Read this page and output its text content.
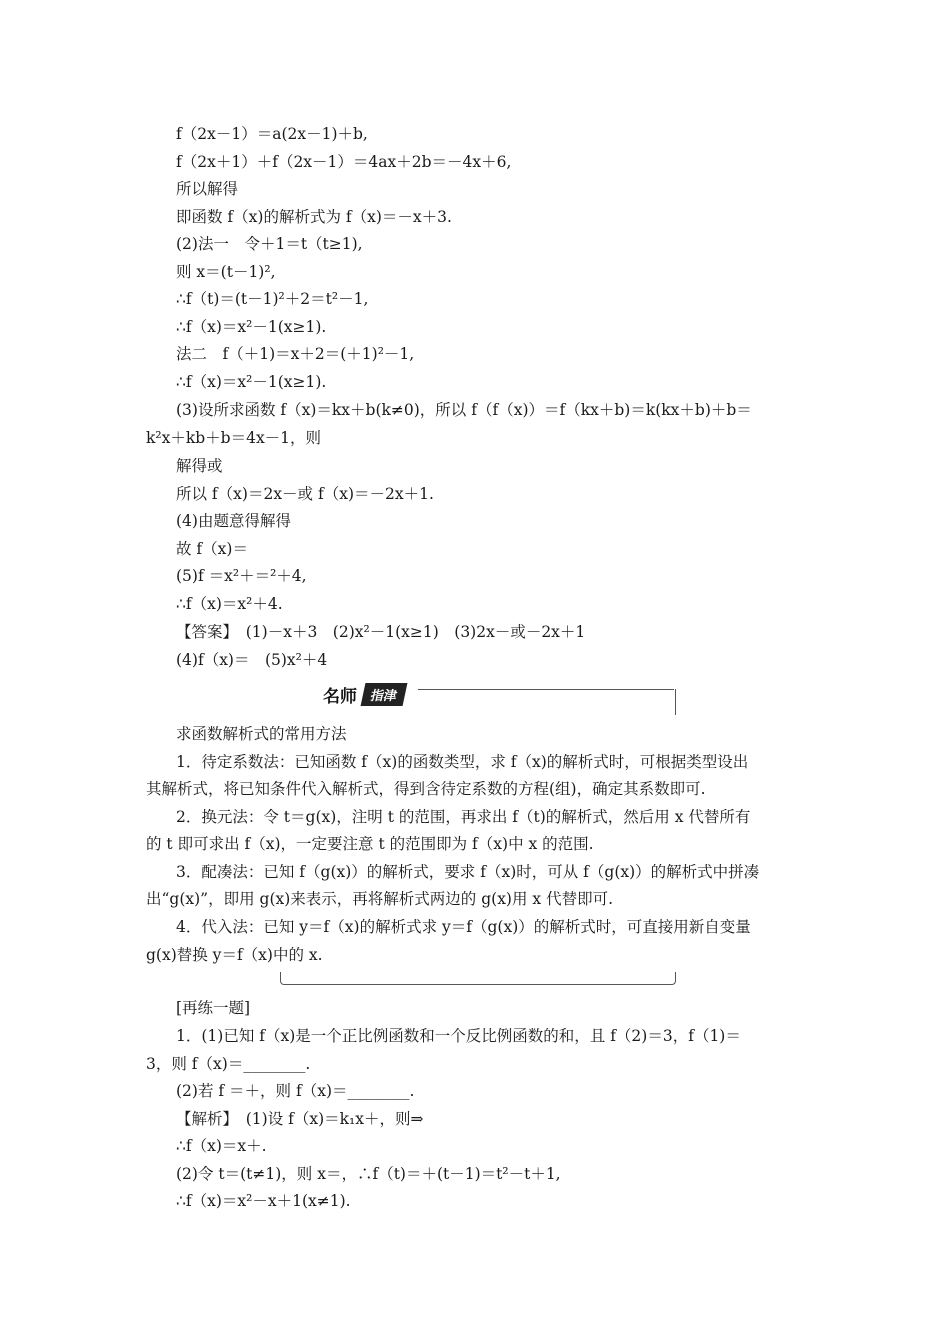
f（2x－1）＝a(2x－1)＋b,
f（2x＋1）＋f（2x－1）＝4ax＋2b＝－4x＋6,
所以解得
即函数 f（x)的解析式为 f（x)＝－x＋3.
(2)法一　令＋1＝t（t≥1),
则 x＝(t－1)²,
∴f（t)＝(t－1)²＋2＝t²－1,
∴f（x)＝x²－1(x≥1).
法二　f（＋1)＝x＋2＝(＋1)²－1,
∴f（x)＝x²－1(x≥1).
(3)设所求函数 f（x)＝kx＋b(k≠0)，所以 f（f（x)）＝f（kx＋b)＝k(kx＋b)＋b＝
k²x＋kb＋b＝4x－1，则
解得或
所以 f（x)＝2x－或 f（x)＝－2x＋1.
(4)由题意得解得
故 f（x)＝
(5)f ＝x²＋＝²＋4,
∴f（x)＝x²＋4.
【答案】　(1)－x＋3　(2)x²－1(x≥1)　(3)2x－或－2x＋1
(4)f（x)＝　(5)x²＋4
求函数解析式的常用方法
1．待定系数法：已知函数 f（x)的函数类型，求 f（x)的解析式时，可根据类型设出
其解析式，将已知条件代入解析式，得到含待定系数的方程(组)，确定其系数即可.
2．换元法：令 t＝g(x)，注明 t 的范围，再求出 f（t)的解析式，然后用 x 代替所有
的 t 即可求出 f（x)，一定要注意 t 的范围即为 f（x)中 x 的范围.
3．配凑法：已知 f（g(x)）的解析式，要求 f（x)时，可从 f（g(x)）的解析式中拼凑
出“g(x)”，即用 g(x)来表示，再将解析式两边的 g(x)用 x 代替即可.
4．代入法：已知 y＝f（x)的解析式求 y＝f（g(x)）的解析式时，可直接用新自变量
g(x)替换 y＝f（x)中的 x.
[再练一题]
1．(1)已知 f（x)是一个正比例函数和一个反比例函数的和，且 f（2)＝3，f（1)＝
3，则 f（x)＝________.
(2)若 f ＝＋，则 f（x)＝________.
【解析】　(1)设 f（x)＝k₁x＋，则⇒
∴f（x)＝x＋.
(2)令 t＝(t≠1)，则 x＝，∴f（t)＝＋(t－1)＝t²－t＋1,
∴f（x)＝x²－x＋1(x≠1).
名师 指津
